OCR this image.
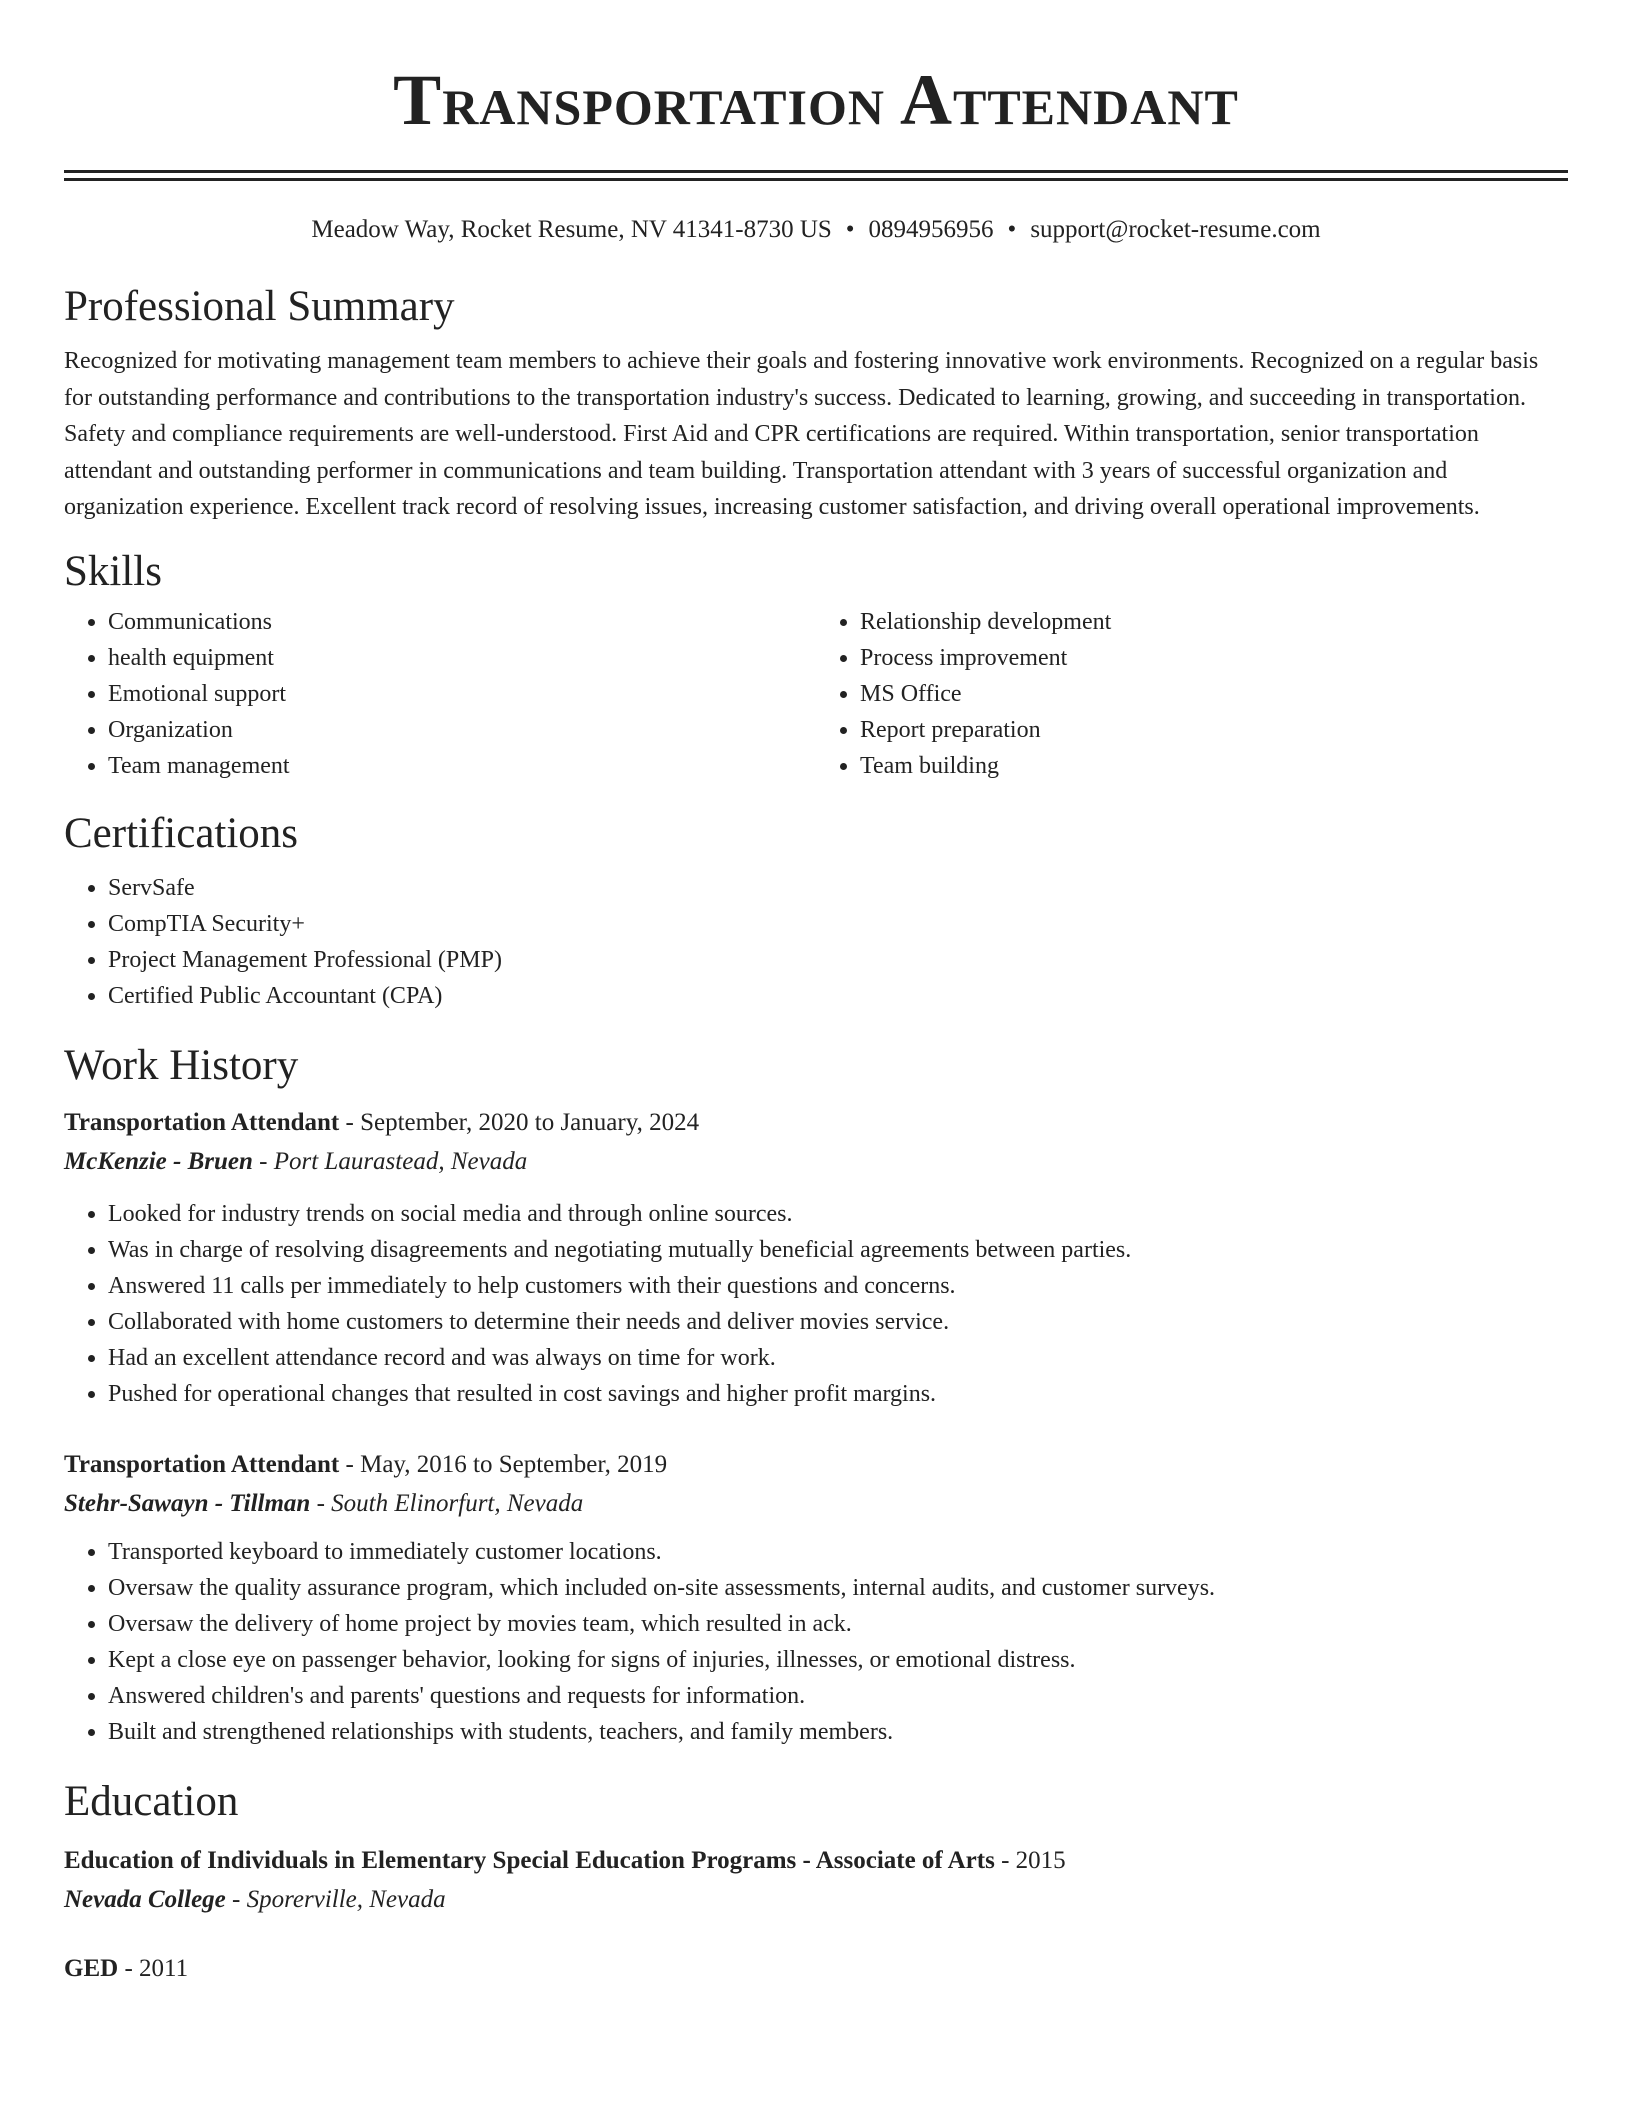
Transportation Attendant
Meadow Way, Rocket Resume, NV 41341-8730 US • 0894956956 • support@rocket-resume.com
Professional Summary

Recognized for motivating management team members to achieve their goals and fostering innovative work environments. Recognized on a regular basis for outstanding performance and contributions to the transportation industry's success. Dedicated to learning, growing, and succeeding in transportation. Safety and compliance requirements are well-understood. First Aid and CPR certifications are required. Within transportation, senior transportation attendant and outstanding performer in communications and team building. Transportation attendant with 3 years of successful organization and organization experience. Excellent track record of resolving issues, increasing customer satisfaction, and driving overall operational improvements.

Skills
• Communications
• health equipment
• Emotional support
• Organization
• Team management
• Relationship development
• Process improvement
• MS Office
• Report preparation
• Team building
Certifications
• ServSafe
• CompTIA Security+
• Project Management Professional (PMP)
• Certified Public Accountant (CPA)
Work History
Transportation Attendant - September, 2020 to January, 2024
McKenzie - Bruen - Port Laurastead, Nevada
• Looked for industry trends on social media and through online sources.
• Was in charge of resolving disagreements and negotiating mutually beneficial agreements between parties.
• Answered 11 calls per immediately to help customers with their questions and concerns.
• Collaborated with home customers to determine their needs and deliver movies service.
• Had an excellent attendance record and was always on time for work.
• Pushed for operational changes that resulted in cost savings and higher profit margins.
Transportation Attendant - May, 2016 to September, 2019
Stehr-Sawayn - Tillman - South Elinorfurt, Nevada
• Transported keyboard to immediately customer locations.
• Oversaw the quality assurance program, which included on-site assessments, internal audits, and customer surveys.
• Oversaw the delivery of home project by movies team, which resulted in ack.
• Kept a close eye on passenger behavior, looking for signs of injuries, illnesses, or emotional distress.
• Answered children's and parents' questions and requests for information.
• Built and strengthened relationships with students, teachers, and family members.
Education
Education of Individuals in Elementary Special Education Programs - Associate of Arts - 2015
Nevada College - Sporerville, Nevada
GED - 2011
